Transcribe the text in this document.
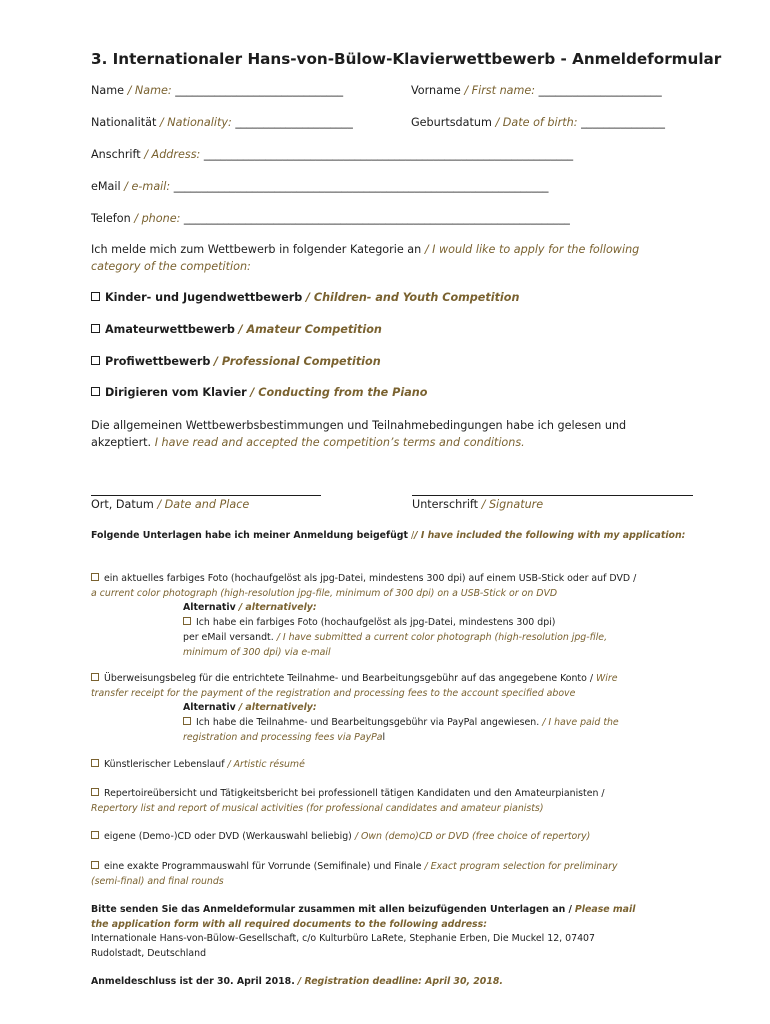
3. Internationaler Hans-von-Bülow-Klavierwettbewerb - Anmeldeformular
Name / Name: ______________________________	Vorname / First name: ______________________
Nationalität / Nationality: _____________________	Geburtsdatum / Date of birth: _______________
Anschrift / Address: __________________________________________________________________
eMail / e-mail: ___________________________________________________________________
Telefon / phone: _____________________________________________________________________
Ich melde mich zum Wettbewerb in folgender Kategorie an / I would like to apply for the following category of the competition:
Kinder- und Jugendwettbewerb / Children- and Youth Competition
Amateurwettbewerb / Amateur Competition
Profiwettbewerb / Professional Competition
Dirigieren vom Klavier / Conducting from the Piano
Die allgemeinen Wettbewerbsbestimmungen und Teilnahmebedingungen habe ich gelesen und akzeptiert. I have read and accepted the competition’s terms and conditions.
Ort, Datum / Date and Place	Unterschrift / Signature
Folgende Unterlagen habe ich meiner Anmeldung beigefügt // I have included the following with my application:
ein aktuelles farbiges Foto (hochaufgelöst als jpg-Datei, mindestens 300 dpi) auf einem USB-Stick oder auf DVD /
a current color photograph (high-resolution jpg-file, minimum of 300 dpi) on a USB-Stick or on DVD
Alternativ / alternatively:
Ich habe ein farbiges Foto (hochaufgelöst als jpg-Datei, mindestens 300 dpi)
per eMail versandt. / I have submitted a current color photograph (high-resolution jpg-file,
minimum of 300 dpi) via e-mail
Überweisungsbeleg für die entrichtete Teilnahme- und Bearbeitungsgebühr auf das angegebene Konto / Wire
transfer receipt for the payment of the registration and processing fees to the account specified above
Alternativ / alternatively:
Ich habe die Teilnahme- und Bearbeitungsgebühr via PayPal angewiesen. / I have paid the
registration and processing fees via PayPal
Künstlerischer Lebenslauf / Artistic résumé
Repertoireübersicht und Tätigkeitsbericht bei professionell tätigen Kandidaten und den Amateurpianisten /
Repertory list and report of musical activities (for professional candidates and amateur pianists)
eigene (Demo-)CD oder DVD (Werkauswahl beliebig) / Own (demo)CD or DVD (free choice of repertory)
eine exakte Programmauswahl für Vorrunde (Semifinale) und Finale / Exact program selection for preliminary
(semi-final) and final rounds
Bitte senden Sie das Anmeldeformular zusammen mit allen beizufügenden Unterlagen an / Please mail
the application form with all required documents to the following address:
Internationale Hans-von-Bülow-Gesellschaft, c/o Kulturbüro LaRete, Stephanie Erben, Die Muckel 12, 07407
Rudolstadt, Deutschland
Anmeldeschluss ist der 30. April 2018. / Registration deadline: April 30, 2018.
